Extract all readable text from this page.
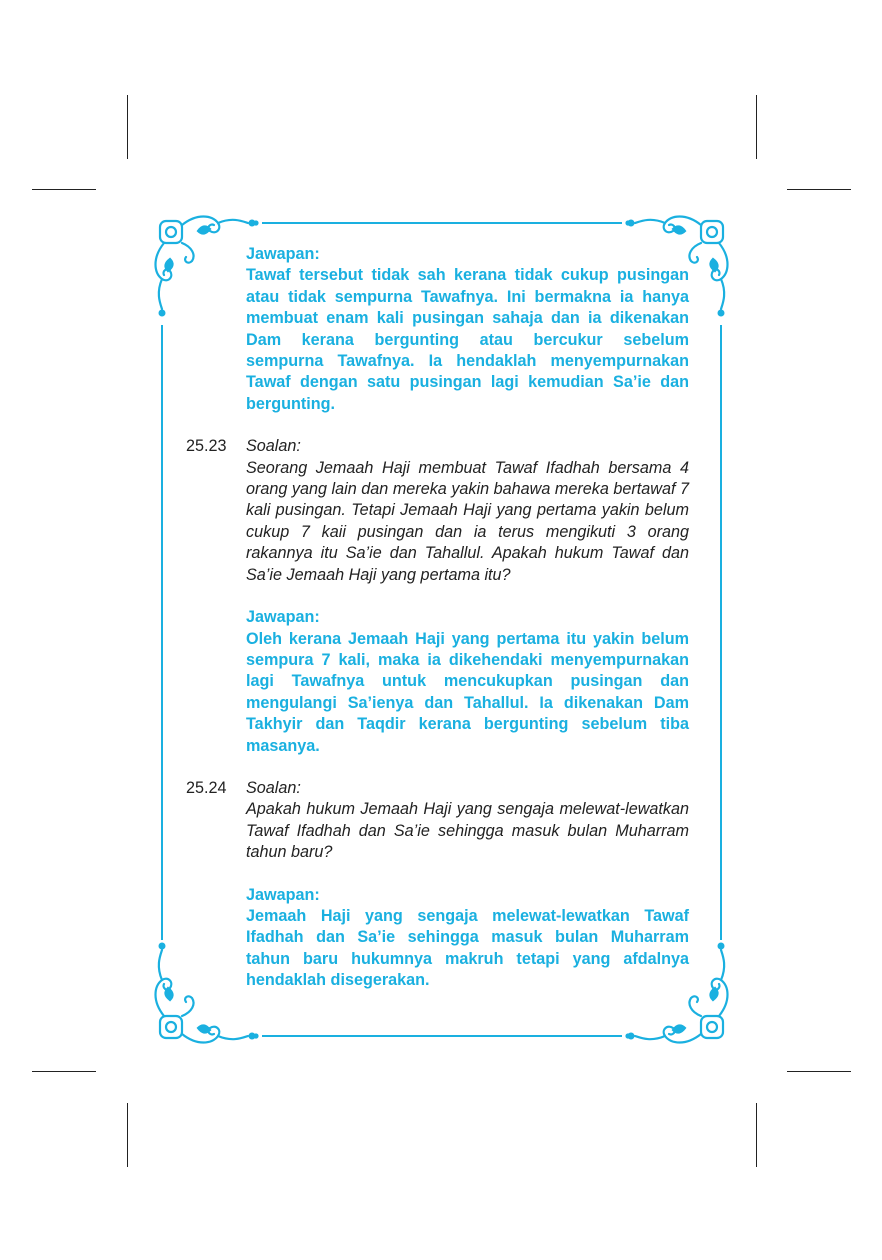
Jawapan:
Tawaf tersebut tidak sah kerana tidak cukup pusingan atau tidak sempurna Tawafnya. Ini bermakna ia hanya membuat enam kali pusingan sahaja dan ia dikenakan Dam kerana bergunting atau bercukur sebelum sempurna Tawafnya. Ia hendaklah menyempurnakan Tawaf dengan satu pusingan lagi kemudian Sa’ie dan bergunting.
25.23 Soalan:
Seorang Jemaah Haji membuat Tawaf Ifadhah bersama 4 orang yang lain dan mereka yakin bahawa mereka bertawaf 7 kali pusingan. Tetapi Jemaah Haji yang pertama yakin belum cukup 7 kaii pusingan dan ia terus mengikuti 3 orang rakannya itu Sa’ie dan Tahallul. Apakah hukum Tawaf dan Sa’ie Jemaah Haji yang pertama itu?
Jawapan:
Oleh kerana Jemaah Haji yang pertama itu yakin belum sempura 7 kali, maka ia dikehendaki menyempurnakan lagi Tawafnya untuk mencukupkan pusingan dan mengulangi Sa’ienya dan Tahallul. Ia dikenakan Dam Takhyir dan Taqdir kerana bergunting sebelum tiba masanya.
25.24 Soalan:
Apakah hukum Jemaah Haji yang sengaja melewat-lewatkan Tawaf Ifadhah dan Sa’ie sehingga masuk bulan Muharram tahun baru?
Jawapan:
Jemaah Haji yang sengaja melewat-lewatkan Tawaf Ifadhah dan Sa’ie sehingga masuk bulan Muharram tahun baru hukumnya makruh tetapi yang afdalnya hendaklah disegerakan.
